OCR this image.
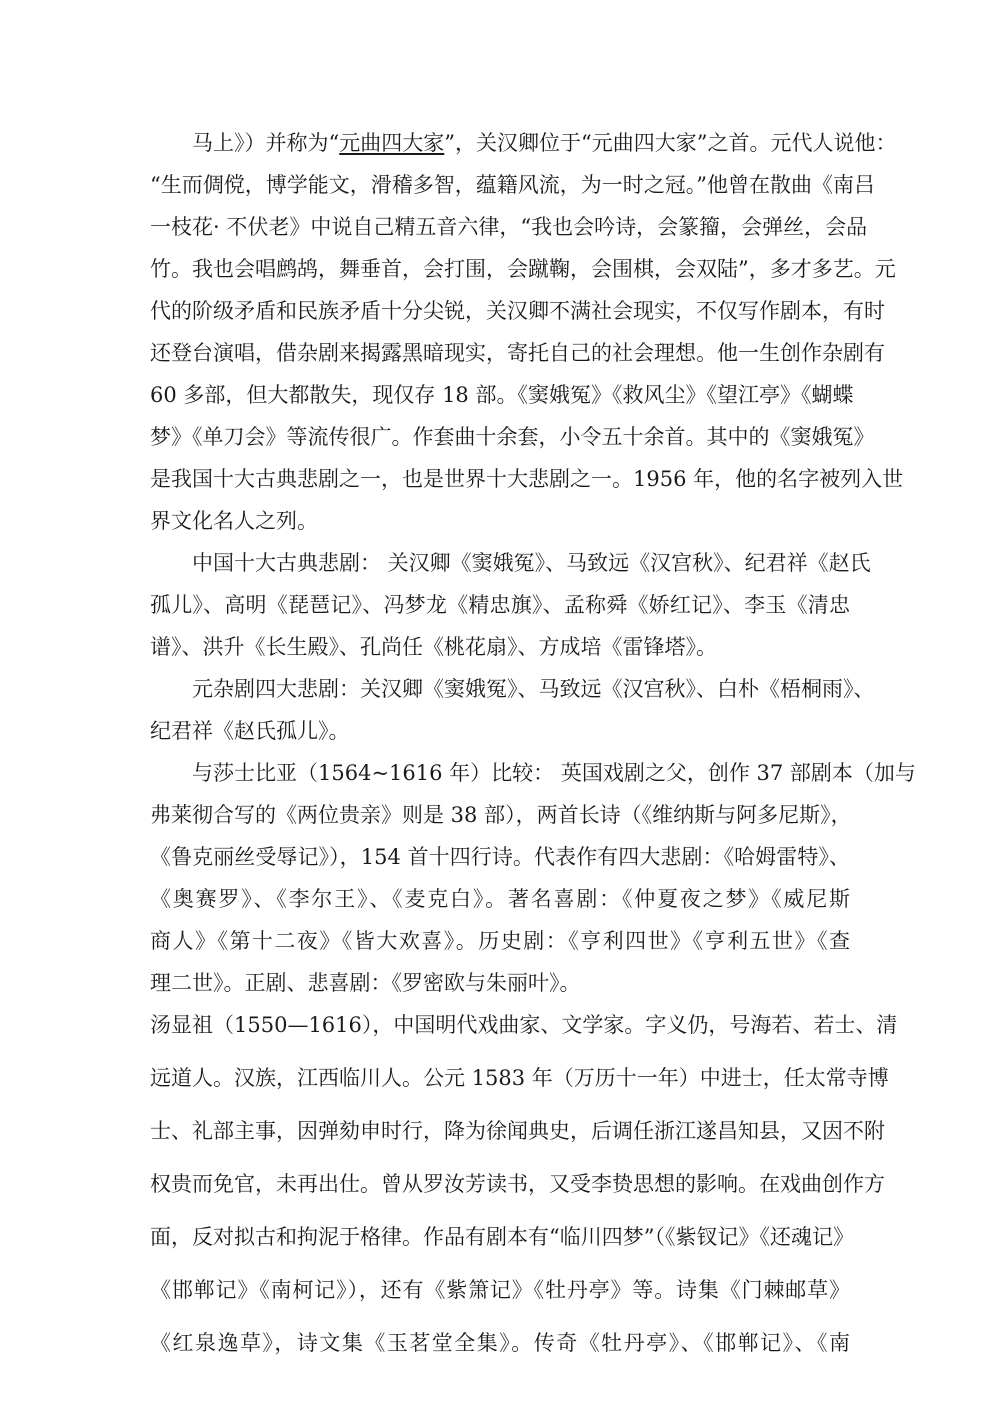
马上》）并称为“元曲四大家”，关汉卿位于“元曲四大家”之首。元代人说他：
“生而倜傥，博学能文，滑稽多智，蕴籍风流，为一时之冠。”他曾在散曲《南吕
一枝花· 不伏老》中说自己精五音六律，“我也会吟诗，会篆籀，会弹丝，会品
竹。我也会唱鹧鸪，舞垂首，会打围，会蹴鞠，会围棋，会双陆”，多才多艺。元
代的阶级矛盾和民族矛盾十分尖锐，关汉卿不满社会现实，不仅写作剧本，有时
还登台演唱，借杂剧来揭露黑暗现实，寄托自己的社会理想。他一生创作杂剧有
60 多部，但大都散失，现仅存 18 部。《窦娥冤》《救风尘》《望江亭》《蝴蝶
梦》《单刀会》等流传很广。作套曲十余套，小令五十余首。其中的《窦娥冤》
是我国十大古典悲剧之一，也是世界十大悲剧之一。1956 年，他的名字被列入世
界文化名人之列。
中国十大古典悲剧： 关汉卿《窦娥冤》、马致远《汉宫秋》、纪君祥《赵氏
孤儿》、高明《琵琶记》、冯梦龙《精忠旗》、孟称舜《娇红记》、李玉《清忠
谱》、洪升《长生殿》、孔尚任《桃花扇》、方成培《雷锋塔》。
元杂剧四大悲剧：关汉卿《窦娥冤》、马致远《汉宫秋》、白朴《梧桐雨》、
纪君祥《赵氏孤儿》。
与莎士比亚（1564~1616 年）比较： 英国戏剧之父，创作 37 部剧本（加与
弗莱彻合写的《两位贵亲》则是 38 部），两首长诗（《维纳斯与阿多尼斯》，
《鲁克丽丝受辱记》），154 首十四行诗。代表作有四大悲剧：《哈姆雷特》、
《奥赛罗》、《李尔王》、《麦克白》。著名喜剧：《仲夏夜之梦》《威尼斯
商人》《第十二夜》《皆大欢喜》。历史剧：《亨利四世》《亨利五世》《查
理二世》。正剧、悲喜剧：《罗密欧与朱丽叶》。
汤显祖（1550—1616），中国明代戏曲家、文学家。字义仍，号海若、若士、清
远道人。汉族，江西临川人。公元 1583 年（万历十一年）中进士，任太常寺博
士、礼部主事，因弹劾申时行，降为徐闻典史，后调任浙江遂昌知县，又因不附
权贵而免官，未再出仕。曾从罗汝芳读书，又受李贽思想的影响。在戏曲创作方
面，反对拟古和拘泥于格律。作品有剧本有“临川四梦”（《紫钗记》《还魂记》
《邯郸记》《南柯记》），还有《紫箫记》《牡丹亭》等。诗集《门棘邮草》
《红泉逸草》，诗文集《玉茗堂全集》。传奇《牡丹亭》、《邯郸记》、《南
